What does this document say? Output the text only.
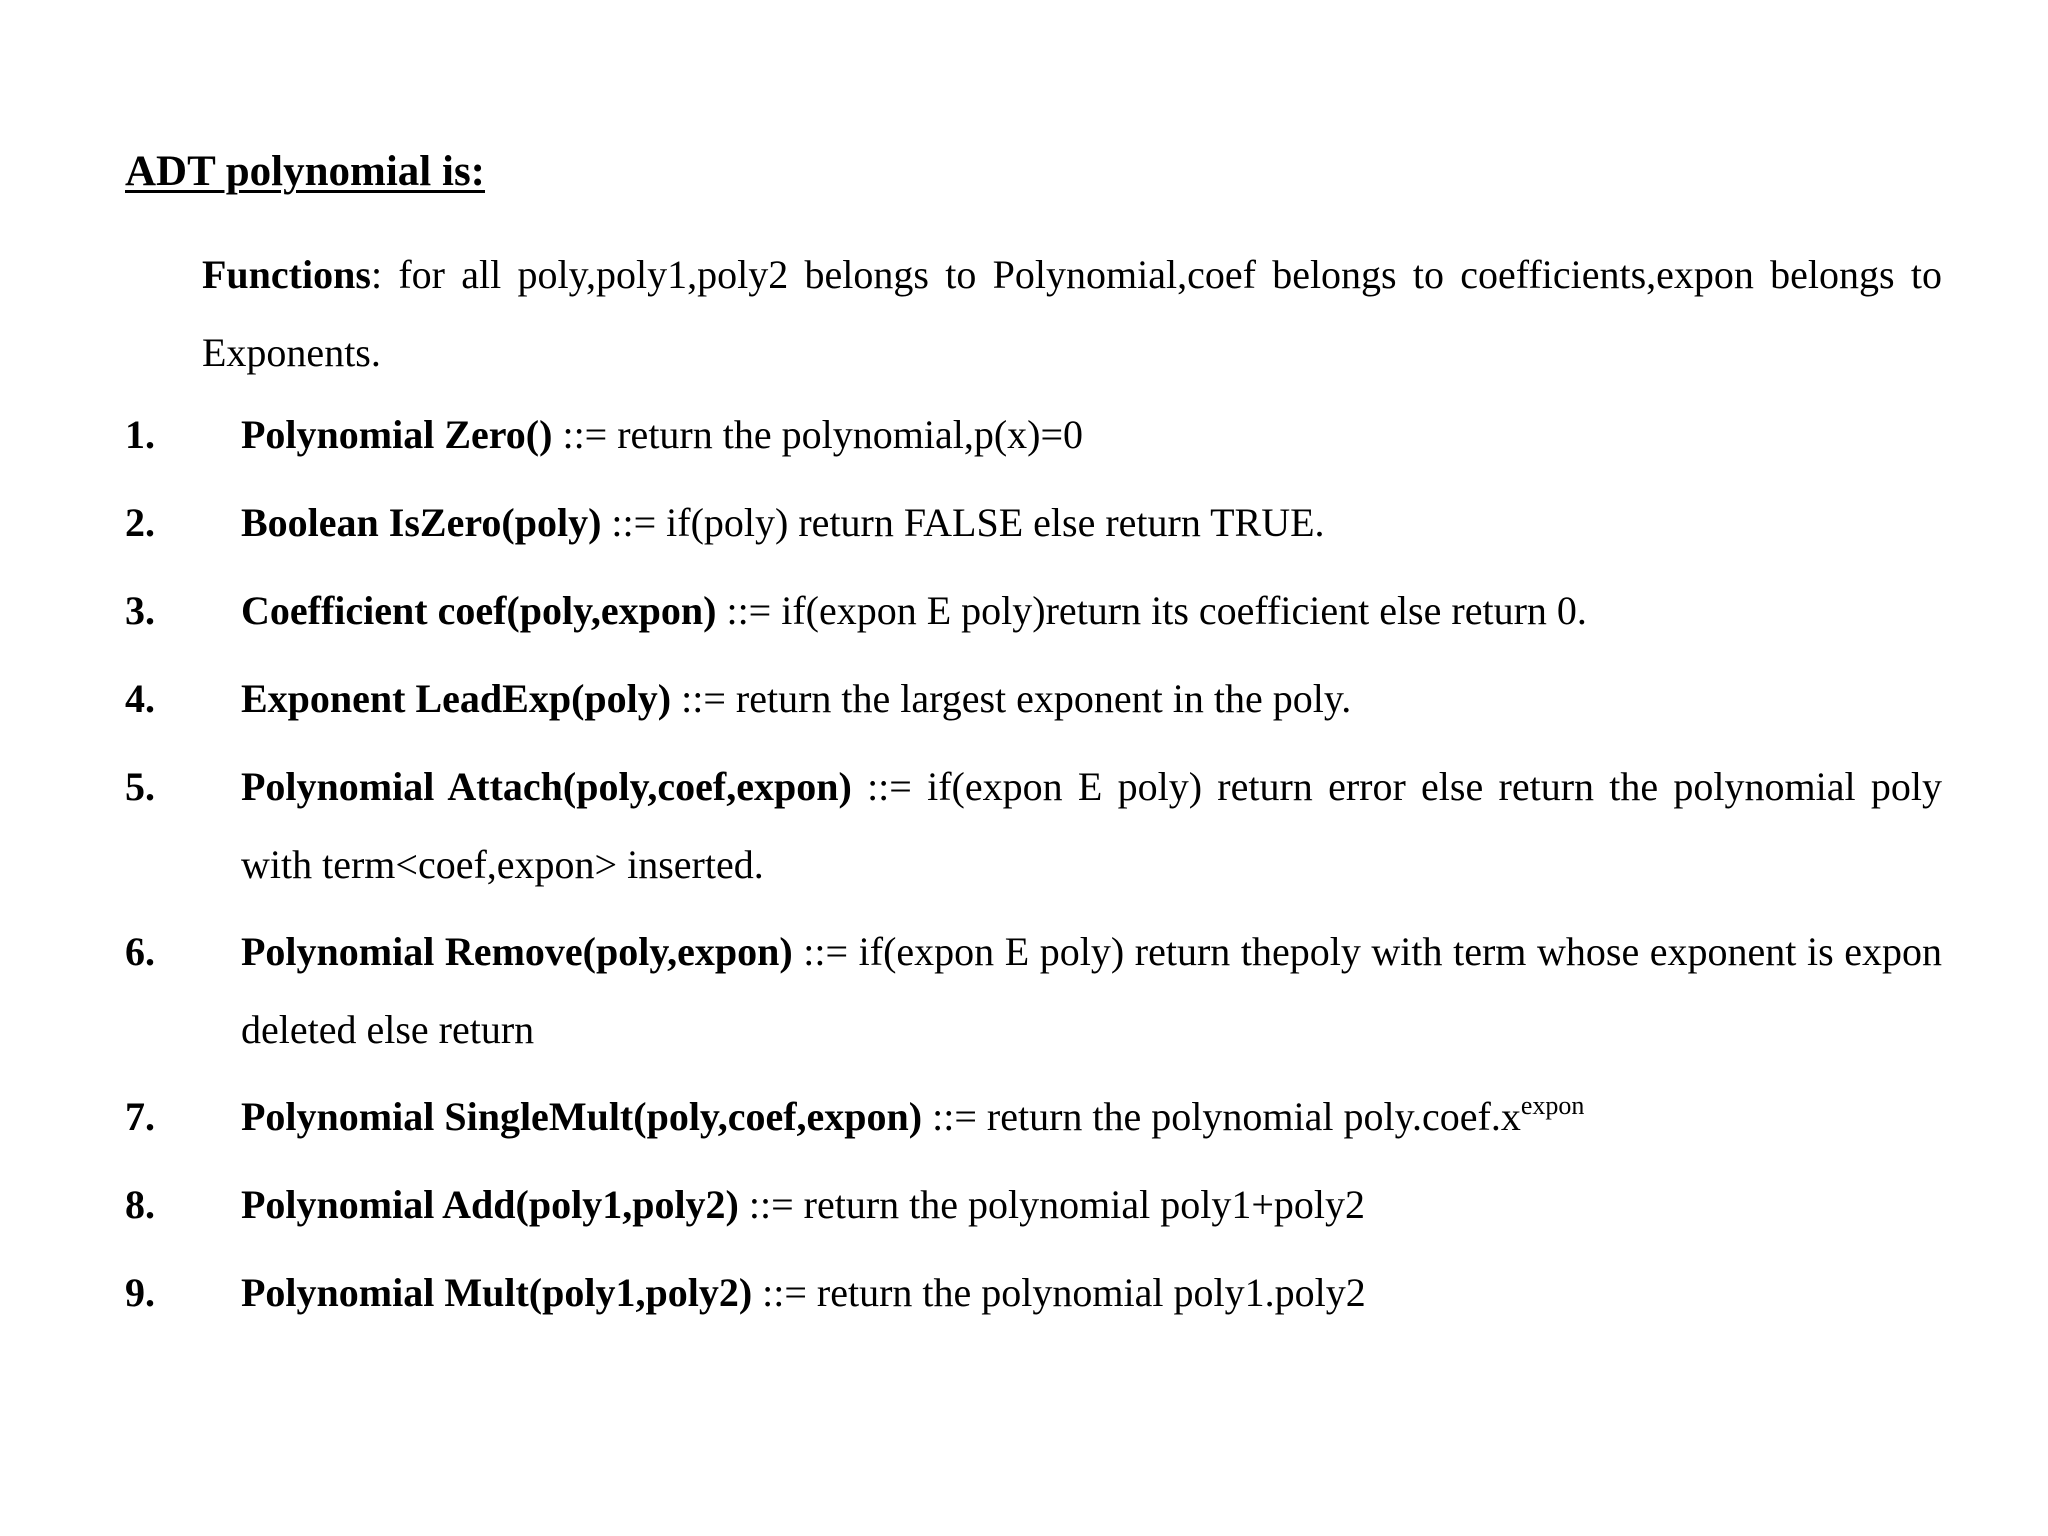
ADT polynomial is:
Functions: for all poly,poly1,poly2 belongs to Polynomial,coef belongs to coefficients,expon belongs to Exponents.
1. Polynomial Zero() ::= return the polynomial,p(x)=0
2. Boolean IsZero(poly) ::= if(poly) return FALSE else return TRUE.
3. Coefficient coef(poly,expon) ::= if(expon E poly)return its coefficient else return 0.
4. Exponent LeadExp(poly) ::= return the largest exponent in the poly.
5. Polynomial Attach(poly,coef,expon) ::= if(expon E poly) return error else return the polynomial poly with term<coef,expon> inserted.
6. Polynomial Remove(poly,expon) ::= if(expon E poly) return thepoly with term whose exponent is expon deleted else return
7. Polynomial SingleMult(poly,coef,expon) ::= return the polynomial $poly.coef.x^{expon}$
8. Polynomial Add(poly1,poly2) ::= return the polynomial poly1+poly2
9. Polynomial Mult(poly1,poly2) ::= return the polynomial poly1.poly2
